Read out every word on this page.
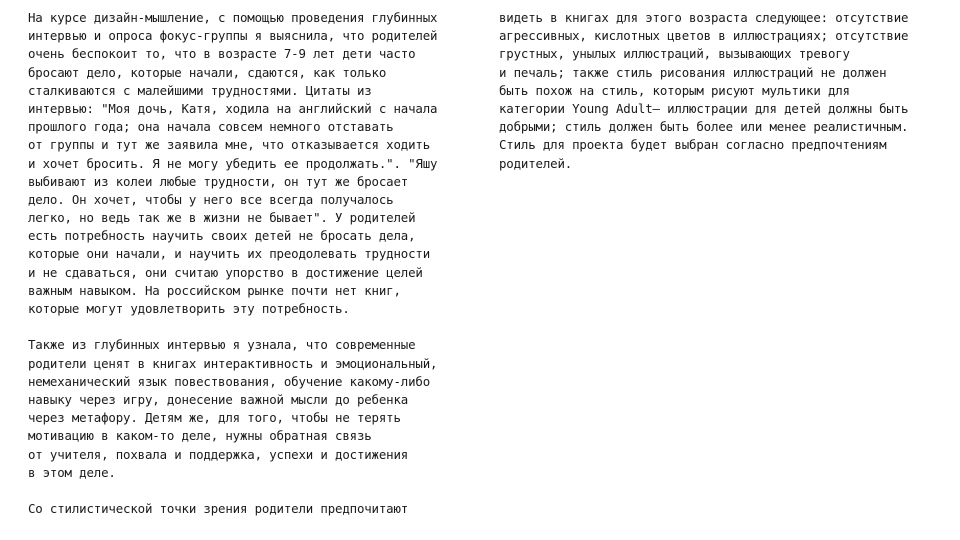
На курсе дизайн-мышление, с помощью проведения глубинных
интервью и опроса фокус-группы я выяснила, что родителей
очень беспокоит то, что в возрасте 7-9 лет дети часто
бросают дело, которые начали, сдаются, как только
сталкиваются с малейшими трудностями. Цитаты из
интервью: "Моя дочь, Катя, ходила на английский с начала
прошлого года; она начала совсем немного отставать
от группы и тут же заявила мне, что отказывается ходить
и хочет бросить. Я не могу убедить ее продолжать.". "Яшу
выбивают из колеи любые трудности, он тут же бросает
дело. Он хочет, чтобы у него все всегда получалось
легко, но ведь так же в жизни не бывает". У родителей
есть потребность научить своих детей не бросать дела,
которые они начали, и научить их преодолевать трудности
и не сдаваться, они считаю упорство в достижение целей
важным навыком. На российском рынке почти нет книг,
которые могут удовлетворить эту потребность.
Также из глубинных интервью я узнала, что современные
родители ценят в книгах интерактивность и эмоциональный,
немеханический язык повествования, обучение какому-либо
навыку через игру, донесение важной мысли до ребенка
через метафору. Детям же, для того, чтобы не терять
мотивацию в каком-то деле, нужны обратная связь
от учителя, похвала и поддержка, успехи и достижения
в этом деле.
Со стилистической точки зрения родители предпочитают
видеть в книгах для этого возраста следующее: отсутствие
агрессивных, кислотных цветов в иллюстрациях; отсутствие
грустных, унылых иллюстраций, вызывающих тревогу
и печаль; также стиль рисования иллюстраций не должен
быть похож на стиль, которым рисуют мультики для
категории Young Adult— иллюстрации для детей должны быть
добрыми; стиль должен быть более или менее реалистичным.
Стиль для проекта будет выбран согласно предпочтениям
родителей.
